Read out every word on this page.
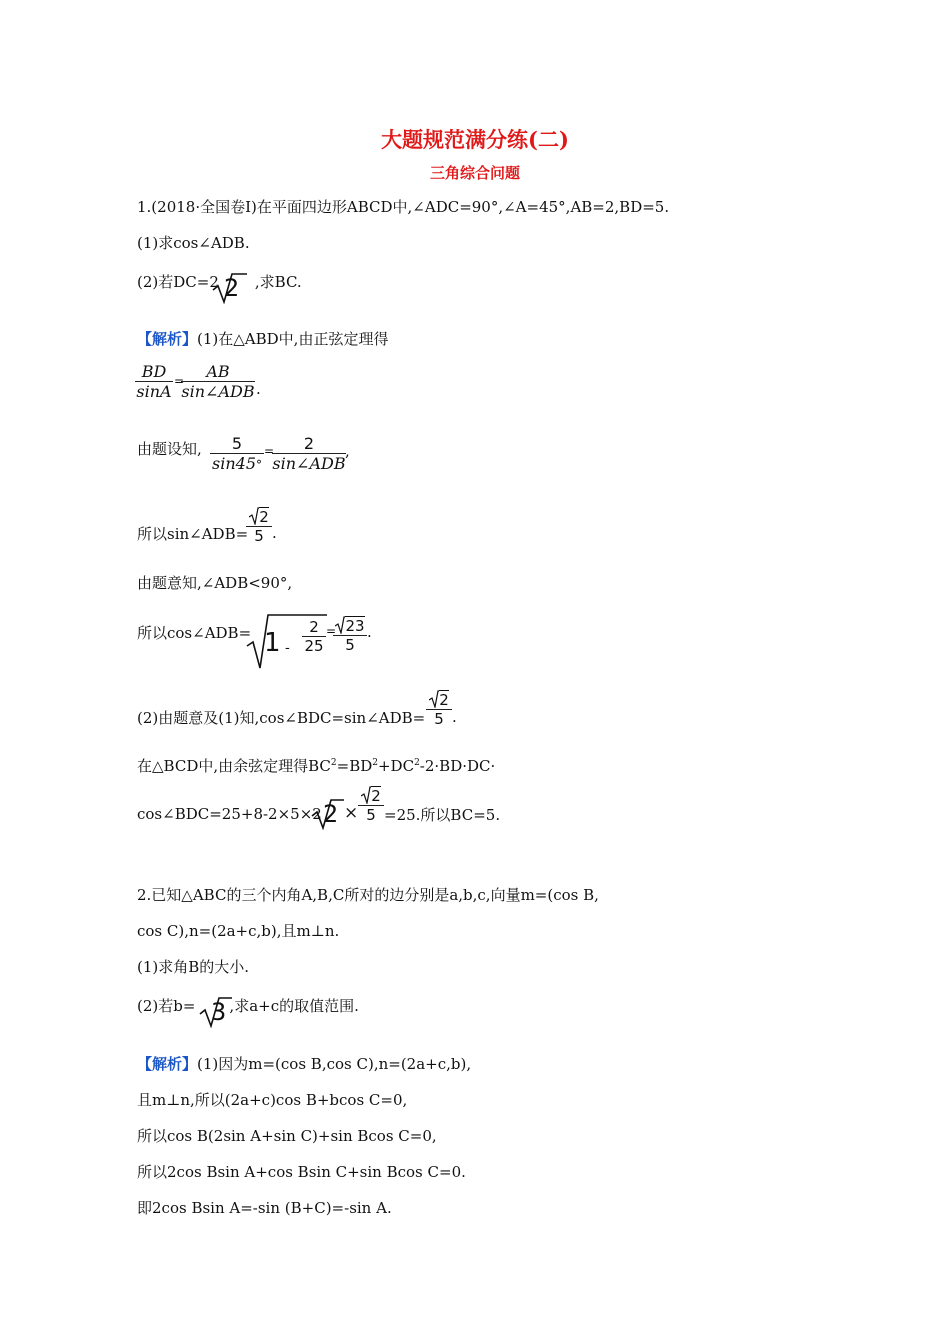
大题规范满分练(二)
三角综合问题
1.(2018·全国卷Ⅰ)在平面四边形ABCD中,∠ADC=90°,∠A=45°,AB=2,BD=5.
(1)求cos∠ADB.
(2)若DC=2 ,求BC.
2
【解析】(1)在△ABD中,由正弦定理得
BD
sinA
=	AB
sin∠ADB .
由题设知,	5
sin45°
=	2
sin∠ADB
,
所以sin∠ADB=
2
5 .
由题意知,∠ADB<90°,
所以cos∠ADB= 1 -
2
25
= 23
5
.
(2)由题意及(1)知,cos∠BDC=sin∠ADB=
2
5 .
在△BCD中,由余弦定理得$BC^2=BD^2+DC^2-2\cdot BD\cdot DC\cdot$
cos∠BDC=25+8-2×5×2 2 ×
2
5 =25.所以BC=5.
2.已知△ABC的三个内角A,B,C所对的边分别是a,b,c,向量m=(cos B,
cos C),n=(2a+c,b),且m⊥n.
(1)求角B的大小.
(2)若b= ,求a+c的取值范围.
3
【解析】(1)因为m=(cos B,cos C),n=(2a+c,b),
且m⊥n,所以(2a+c)cos B+bcos C=0,
所以cos B(2sin A+sin C)+sin Bcos C=0,
所以2cos Bsin A+cos Bsin C+sin Bcos C=0.
即2cos Bsin A=-sin (B+C)=-sin A.
